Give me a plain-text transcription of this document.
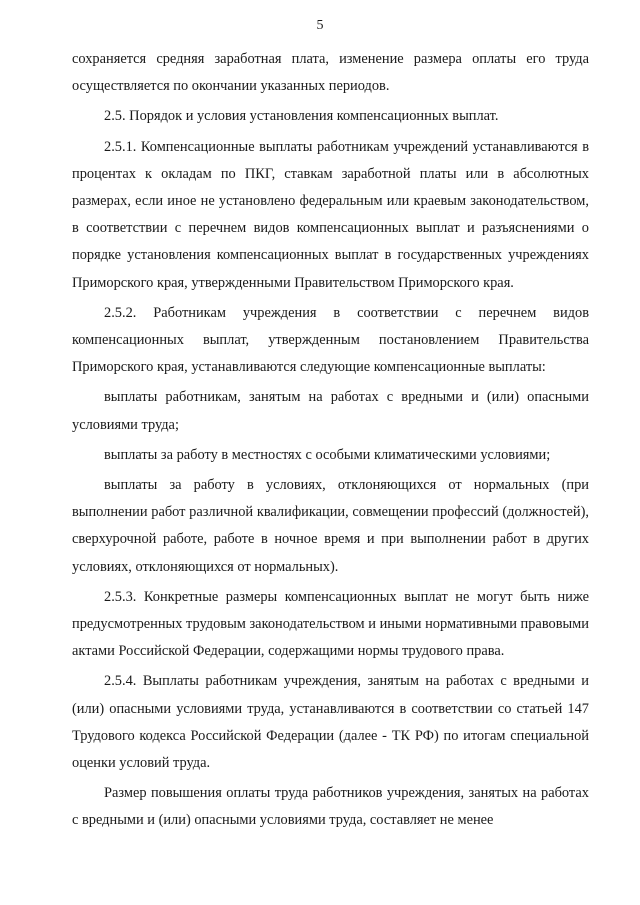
5

сохраняется средняя заработная плата, изменение размера оплаты его труда осуществляется по окончании указанных периодов.

2.5. Порядок и условия установления компенсационных выплат.

2.5.1. Компенсационные выплаты работникам учреждений устанавливаются в процентах к окладам по ПКГ, ставкам заработной платы или в абсолютных размерах, если иное не установлено федеральным или краевым законодательством, в соответствии с перечнем видов компенсационных выплат и разъяснениями о порядке установления компенсационных выплат в государственных учреждениях Приморского края, утвержденными Правительством Приморского края.

2.5.2. Работникам учреждения в соответствии с перечнем видов компенсационных выплат, утвержденным постановлением Правительства Приморского края, устанавливаются следующие компенсационные выплаты:

выплаты работникам, занятым на работах с вредными и (или) опасными условиями труда;

выплаты за работу в местностях с особыми климатическими условиями;

выплаты за работу в условиях, отклоняющихся от нормальных (при выполнении работ различной квалификации, совмещении профессий (должностей), сверхурочной работе, работе в ночное время и при выполнении работ в других условиях, отклоняющихся от нормальных).

2.5.3. Конкретные размеры компенсационных выплат не могут быть ниже предусмотренных трудовым законодательством и иными нормативными правовыми актами Российской Федерации, содержащими нормы трудового права.

2.5.4. Выплаты работникам учреждения, занятым на работах с вредными и (или) опасными условиями труда, устанавливаются в соответствии со статьей 147 Трудового кодекса Российской Федерации (далее - ТК РФ) по итогам специальной оценки условий труда.

Размер повышения оплаты труда работников учреждения, занятых на работах с вредными и (или) опасными условиями труда, составляет не менее
